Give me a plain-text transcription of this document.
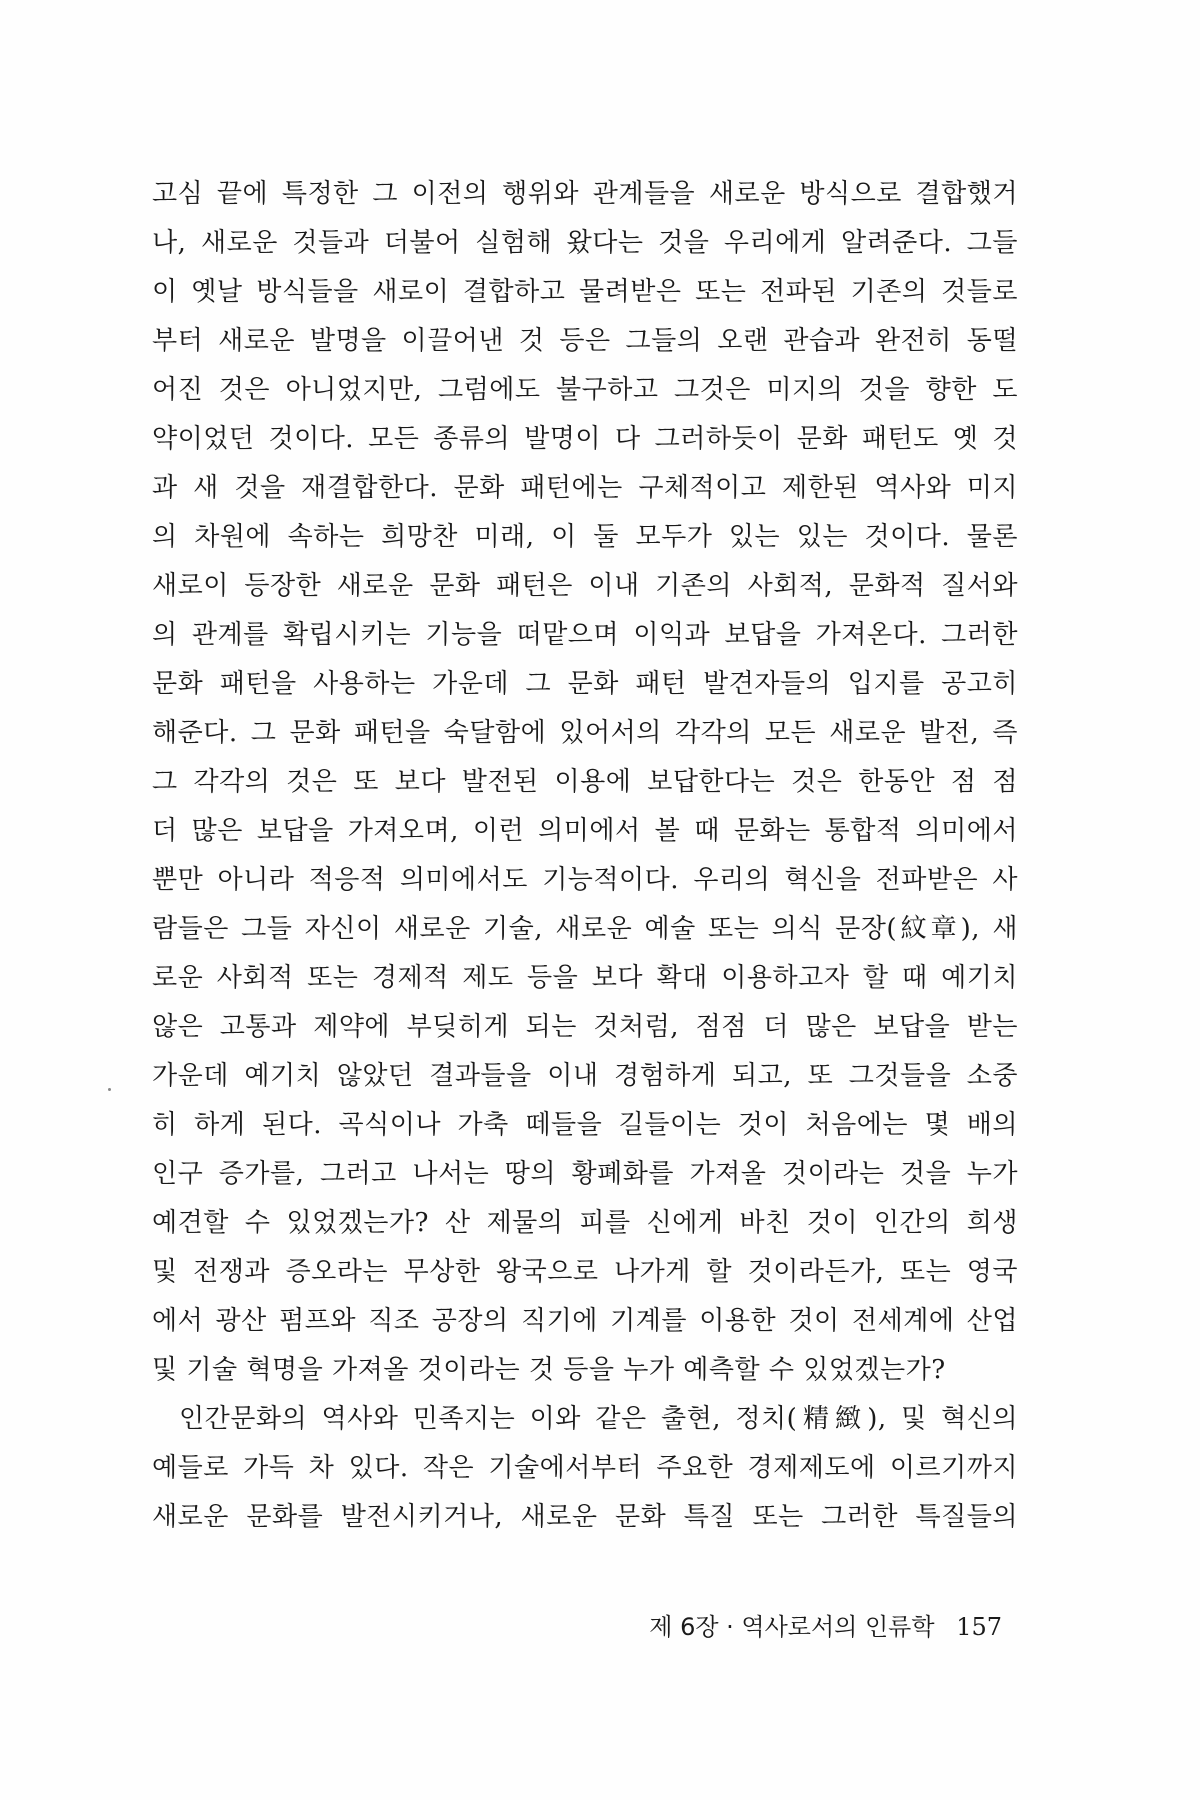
고심 끝에 특정한 그 이전의 행위와 관계들을 새로운 방식으로 결합했거
나, 새로운 것들과 더불어 실험해 왔다는 것을 우리에게 알려준다. 그들
이 옛날 방식들을 새로이 결합하고 물려받은 또는 전파된 기존의 것들로
부터 새로운 발명을 이끌어낸 것 등은 그들의 오랜 관습과 완전히 동떨
어진 것은 아니었지만, 그럼에도 불구하고 그것은 미지의 것을 향한 도
약이었던 것이다. 모든 종류의 발명이 다 그러하듯이 문화 패턴도 옛 것
과 새 것을 재결합한다. 문화 패턴에는 구체적이고 제한된 역사와 미지
의 차원에 속하는 희망찬 미래, 이 둘 모두가 있는 있는 것이다. 물론
새로이 등장한 새로운 문화 패턴은 이내 기존의 사회적, 문화적 질서와
의 관계를 확립시키는 기능을 떠맡으며 이익과 보답을 가져온다. 그러한
문화 패턴을 사용하는 가운데 그 문화 패턴 발견자들의 입지를 공고히
해준다. 그 문화 패턴을 숙달함에 있어서의 각각의 모든 새로운 발전, 즉
그 각각의 것은 또 보다 발전된 이용에 보답한다는 것은 한동안 점 점
더 많은 보답을 가져오며, 이런 의미에서 볼 때 문화는 통합적 의미에서
뿐만 아니라 적응적 의미에서도 기능적이다. 우리의 혁신을 전파받은 사
람들은 그들 자신이 새로운 기술, 새로운 예술 또는 의식 문장(紋章), 새
로운 사회적 또는 경제적 제도 등을 보다 확대 이용하고자 할 때 예기치
않은 고통과 제약에 부딪히게 되는 것처럼, 점점 더 많은 보답을 받는
가운데 예기치 않았던 결과들을 이내 경험하게 되고, 또 그것들을 소중
히 하게 된다. 곡식이나 가축 떼들을 길들이는 것이 처음에는 몇 배의
인구 증가를, 그러고 나서는 땅의 황폐화를 가져올 것이라는 것을 누가
예견할 수 있었겠는가? 산 제물의 피를 신에게 바친 것이 인간의 희생
및 전쟁과 증오라는 무상한 왕국으로 나가게 할 것이라든가, 또는 영국
에서 광산 펌프와 직조 공장의 직기에 기계를 이용한 것이 전세계에 산업
및 기술 혁명을 가져올 것이라는 것 등을 누가 예측할 수 있었겠는가?
인간문화의 역사와 민족지는 이와 같은 출현, 정치(精緻), 및 혁신의
예들로 가득 차 있다. 작은 기술에서부터 주요한 경제제도에 이르기까지
새로운 문화를 발전시키거나, 새로운 문화 특질 또는 그러한 특질들의
제 6장 · 역사로서의 인류학 157
